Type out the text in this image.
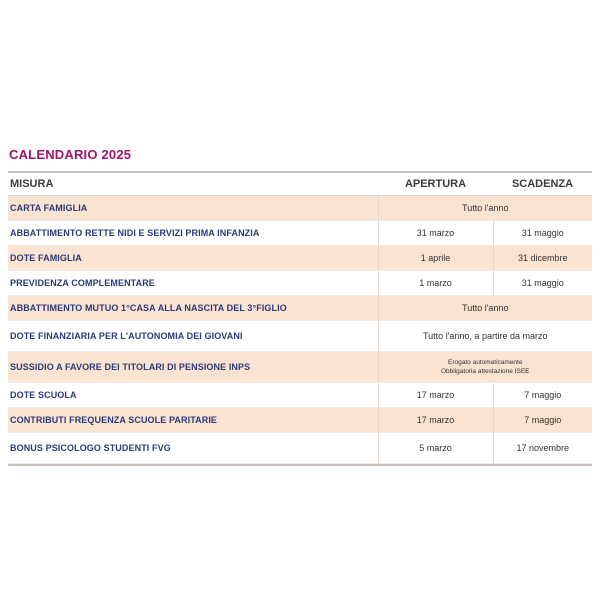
CALENDARIO 2025
MISURA	APERTURA	SCADENZA
CARTA FAMIGLIA	Tutto l'anno	
ABBATTIMENTO RETTE NIDI E SERVIZI PRIMA INFANZIA	31 marzo	31 maggio
DOTE FAMIGLIA	1 aprile	31 dicembre
PREVIDENZA COMPLEMENTARE	1 marzo	31 maggio
ABBATTIMENTO MUTUO 1°CASA ALLA NASCITA DEL 3°FIGLIO	Tutto l'anno	
DOTE FINANZIARIA PER L'AUTONOMIA DEI GIOVANI	Tutto l'anno, a partire da marzo	
SUSSIDIO A FAVORE DEI TITOLARI DI PENSIONE INPS	Erogato automaticamente
Obbligatoria attestazione ISEE	

DOTE SCUOLA	17 marzo	7 maggio
CONTRIBUTI FREQUENZA SCUOLE PARITARIE	17 marzo	7 maggio
BONUS PSICOLOGO STUDENTI FVG	5 marzo	17 novembre
